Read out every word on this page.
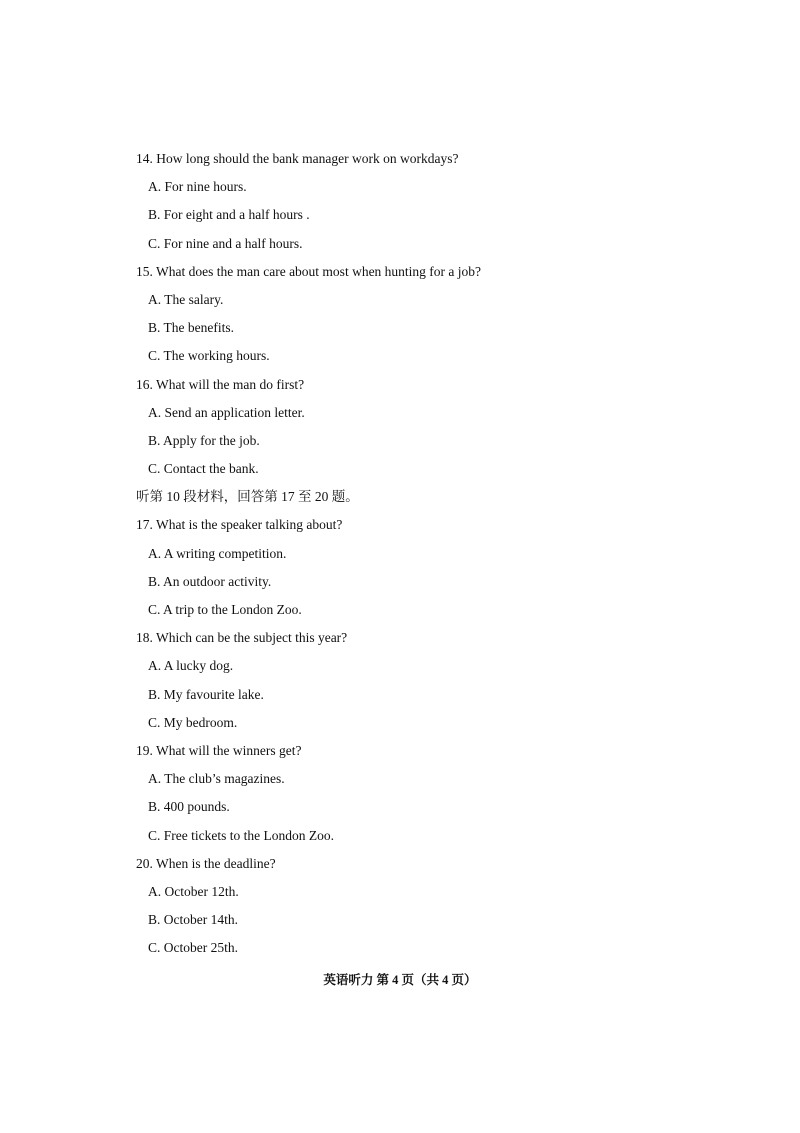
14. How long should the bank manager work on workdays?
A. For nine hours.
B. For eight and a half hours .
C. For nine and a half hours.
15. What does the man care about most when hunting for a job?
A. The salary.
B. The benefits.
C. The working hours.
16. What will the man do first?
A. Send an application letter.
B. Apply for the job.
C. Contact the bank.
听第 10 段材料，回答第 17 至 20 题。
17. What is the speaker talking about?
A. A writing competition.
B. An outdoor activity.
C. A trip to the London Zoo.
18. Which can be the subject this year?
A. A lucky dog.
B. My favourite lake.
C. My bedroom.
19. What will the winners get?
A. The club’s magazines.
B. 400 pounds.
C. Free tickets to the London Zoo.
20. When is the deadline?
A. October 12th.
B. October 14th.
C. October 25th.
英语听力 第 4 页（共 4 页）
